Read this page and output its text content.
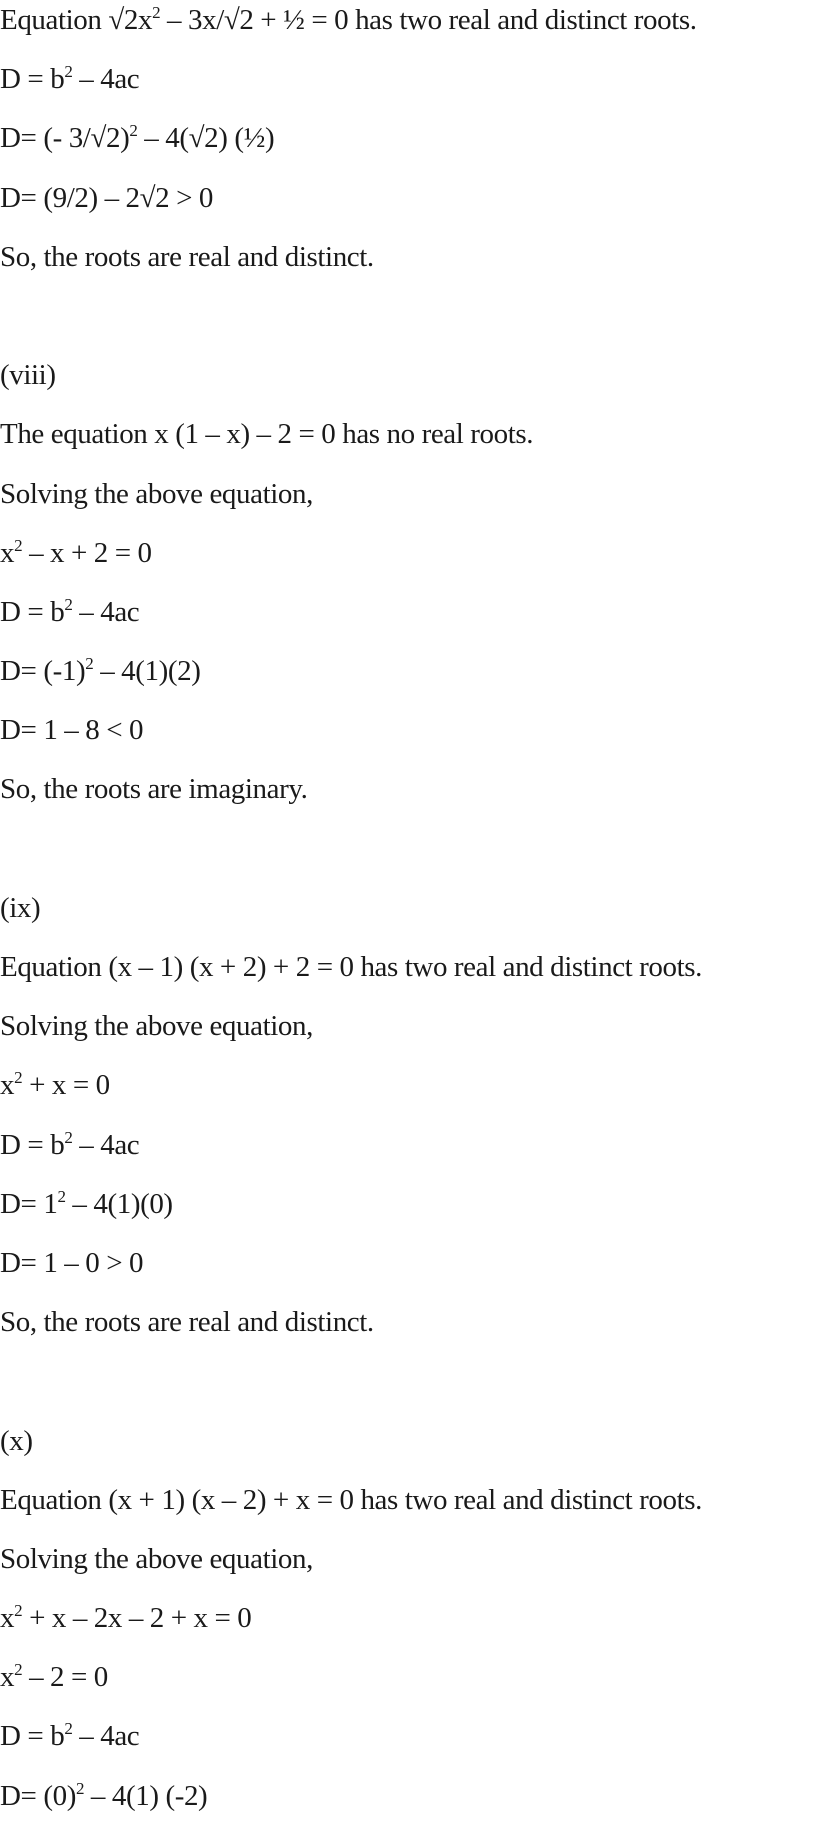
Equation $√2x^2 - 3x/√2$ + ½ = 0 has two real and distinct roots.
$D = b^2 - 4ac$
D= (- 3/√2)$^2$ – 4(√2) (½)
D= (9/2) – 2√2 > 0
So, the roots are real and distinct.
(viii)
The equation x (1 – x) – 2 = 0 has no real roots.
Solving the above equation,
$x^2 - x + 2 = 0$
$D = b^2 - 4ac$
$D= (-1)^2 - 4(1)(2)$
D= 1 – 8 < 0
So, the roots are imaginary.
(ix)
Equation (x – 1) (x + 2) + 2 = 0 has two real and distinct roots.
Solving the above equation,
$x^2 + x = 0$
$D = b^2 - 4ac$
$D= 1^2 - 4(1)(0)$
D= 1 – 0 > 0
So, the roots are real and distinct.
(x)
Equation (x + 1) (x – 2) + x = 0 has two real and distinct roots.
Solving the above equation,
$x^2 + x - 2x - 2 + x = 0$
$x^2 - 2 = 0$
$D = b^2 - 4ac$
$D= (0)^2 - 4(1)$ (-2)
